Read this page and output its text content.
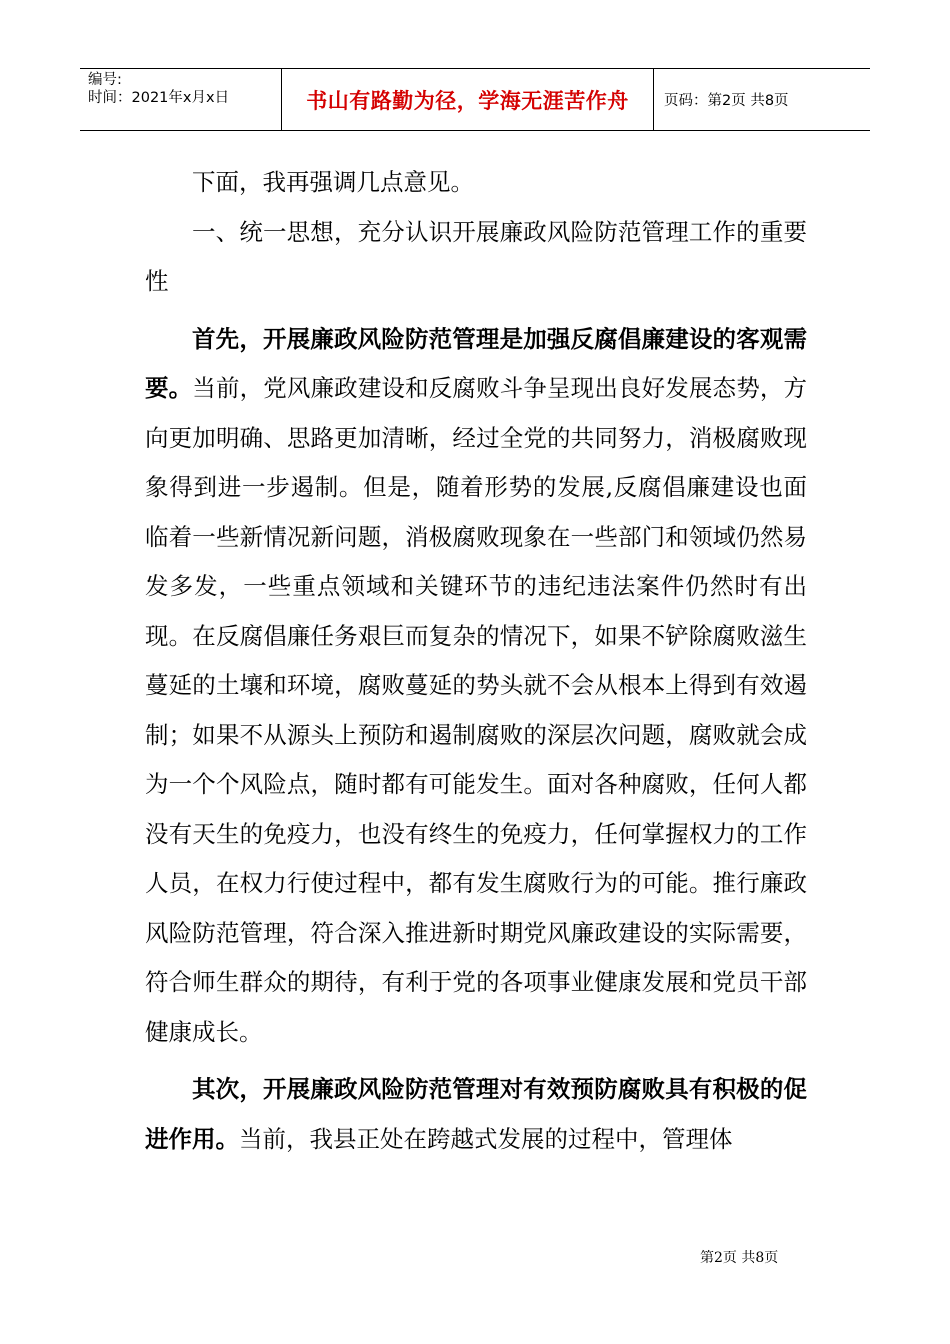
编号:
时间：2021年x月x日	书山有路勤为径，学海无涯苦作舟	页码：第2页 共8页

下面，我再强调几点意见。

一、统一思想，充分认识开展廉政风险防范管理工作的重要性

首先，开展廉政风险防范管理是加强反腐倡廉建设的客观需要。当前，党风廉政建设和反腐败斗争呈现出良好发展态势，方向更加明确、思路更加清晰，经过全党的共同努力，消极腐败现象得到进一步遏制。但是，随着形势的发展,反腐倡廉建设也面临着一些新情况新问题，消极腐败现象在一些部门和领域仍然易发多发，一些重点领域和关键环节的违纪违法案件仍然时有出现。在反腐倡廉任务艰巨而复杂的情况下，如果不铲除腐败滋生蔓延的土壤和环境，腐败蔓延的势头就不会从根本上得到有效遏制；如果不从源头上预防和遏制腐败的深层次问题，腐败就会成为一个个风险点，随时都有可能发生。面对各种腐败，任何人都没有天生的免疫力，也没有终生的免疫力，任何掌握权力的工作人员，在权力行使过程中，都有发生腐败行为的可能。推行廉政风险防范管理，符合深入推进新时期党风廉政建设的实际需要，符合师生群众的期待，有利于党的各项事业健康发展和党员干部健康成长。

其次，开展廉政风险防范管理对有效预防腐败具有积极的促进作用。当前，我县正处在跨越式发展的过程中，管理体

第2页 共8页
